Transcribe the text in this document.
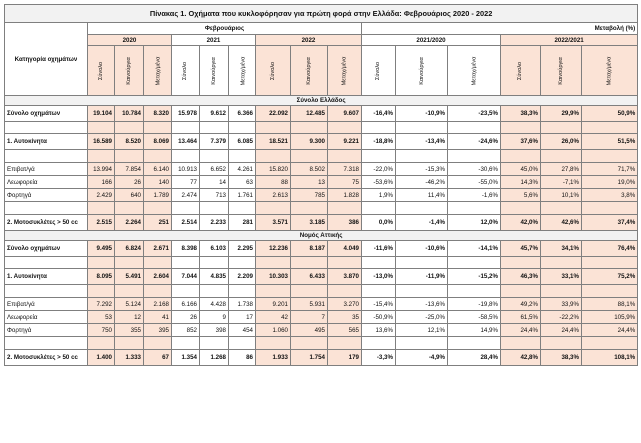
Πίνακας 1. Οχήματα που κυκλοφόρησαν για πρώτη φορά στην Ελλάδα: Φεβρουάριος 2020 - 2022															
Κατηγορία οχημάτων	Φεβρουάριος									Μεταβολή (%)					
	2020			2021			2022			2021/2020			2022/2021		
	Σύνολο	Καινούργια	Μεταχ/μένα	Σύνολο	Καινούργια	Μεταχ/μένα	Σύνολο	Καινούργια	Μεταχ/μένα	Σύνολο	Καινούργια	Μεταχ/μένα	Σύνολο	Καινούργια	Μεταχ/μένα
Σύνολο Ελλάδος															
Σύνολο οχημάτων	19.104	10.784	8.320	15.978	9.612	6.366	22.092	12.485	9.607	-16,4%	-10,9%	-23,5%	38,3%	29,9%	50,9%

1. Αυτοκίνητα	16.589	8.520	8.069	13.464	7.379	6.085	18.521	9.300	9.221	-18,8%	-13,4%	-24,6%	37,6%	26,0%	51,5%

Επιβατ/γά	13.994	7.854	6.140	10.913	6.652	4.261	15.820	8.502	7.318	-22,0%	-15,3%	-30,6%	45,0%	27,8%	71,7%
Λεωφορεία	166	26	140	77	14	63	88	13	75	-53,6%	-46,2%	-55,0%	14,3%	-7,1%	19,0%
Φορτηγά	2.429	640	1.789	2.474	713	1.761	2.613	785	1.828	1,9%	11,4%	-1,6%	5,6%	10,1%	3,8%

2. Μοτοσυκλέτες > 50 cc	2.515	2.264	251	2.514	2.233	281	3.571	3.185	386	0,0%	-1,4%	12,0%	42,0%	42,6%	37,4%
Νομός Αττικής															
Σύνολο οχημάτων	9.495	6.824	2.671	8.398	6.103	2.295	12.236	8.187	4.049	-11,6%	-10,6%	-14,1%	45,7%	34,1%	76,4%

1. Αυτοκίνητα	8.095	5.491	2.604	7.044	4.835	2.209	10.303	6.433	3.870	-13,0%	-11,9%	-15,2%	46,3%	33,1%	75,2%

Επιβατ/γά	7.292	5.124	2.168	6.166	4.428	1.738	9.201	5.931	3.270	-15,4%	-13,6%	-19,8%	49,2%	33,9%	88,1%
Λεωφορεία	53	12	41	26	9	17	42	7	35	-50,9%	-25,0%	-58,5%	61,5%	-22,2%	105,9%
Φορτηγά	750	355	395	852	398	454	1.060	495	565	13,6%	12,1%	14,9%	24,4%	24,4%	24,4%

2. Μοτοσυκλέτες > 50 cc	1.400	1.333	67	1.354	1.268	86	1.933	1.754	179	-3,3%	-4,9%	28,4%	42,8%	38,3%	108,1%
